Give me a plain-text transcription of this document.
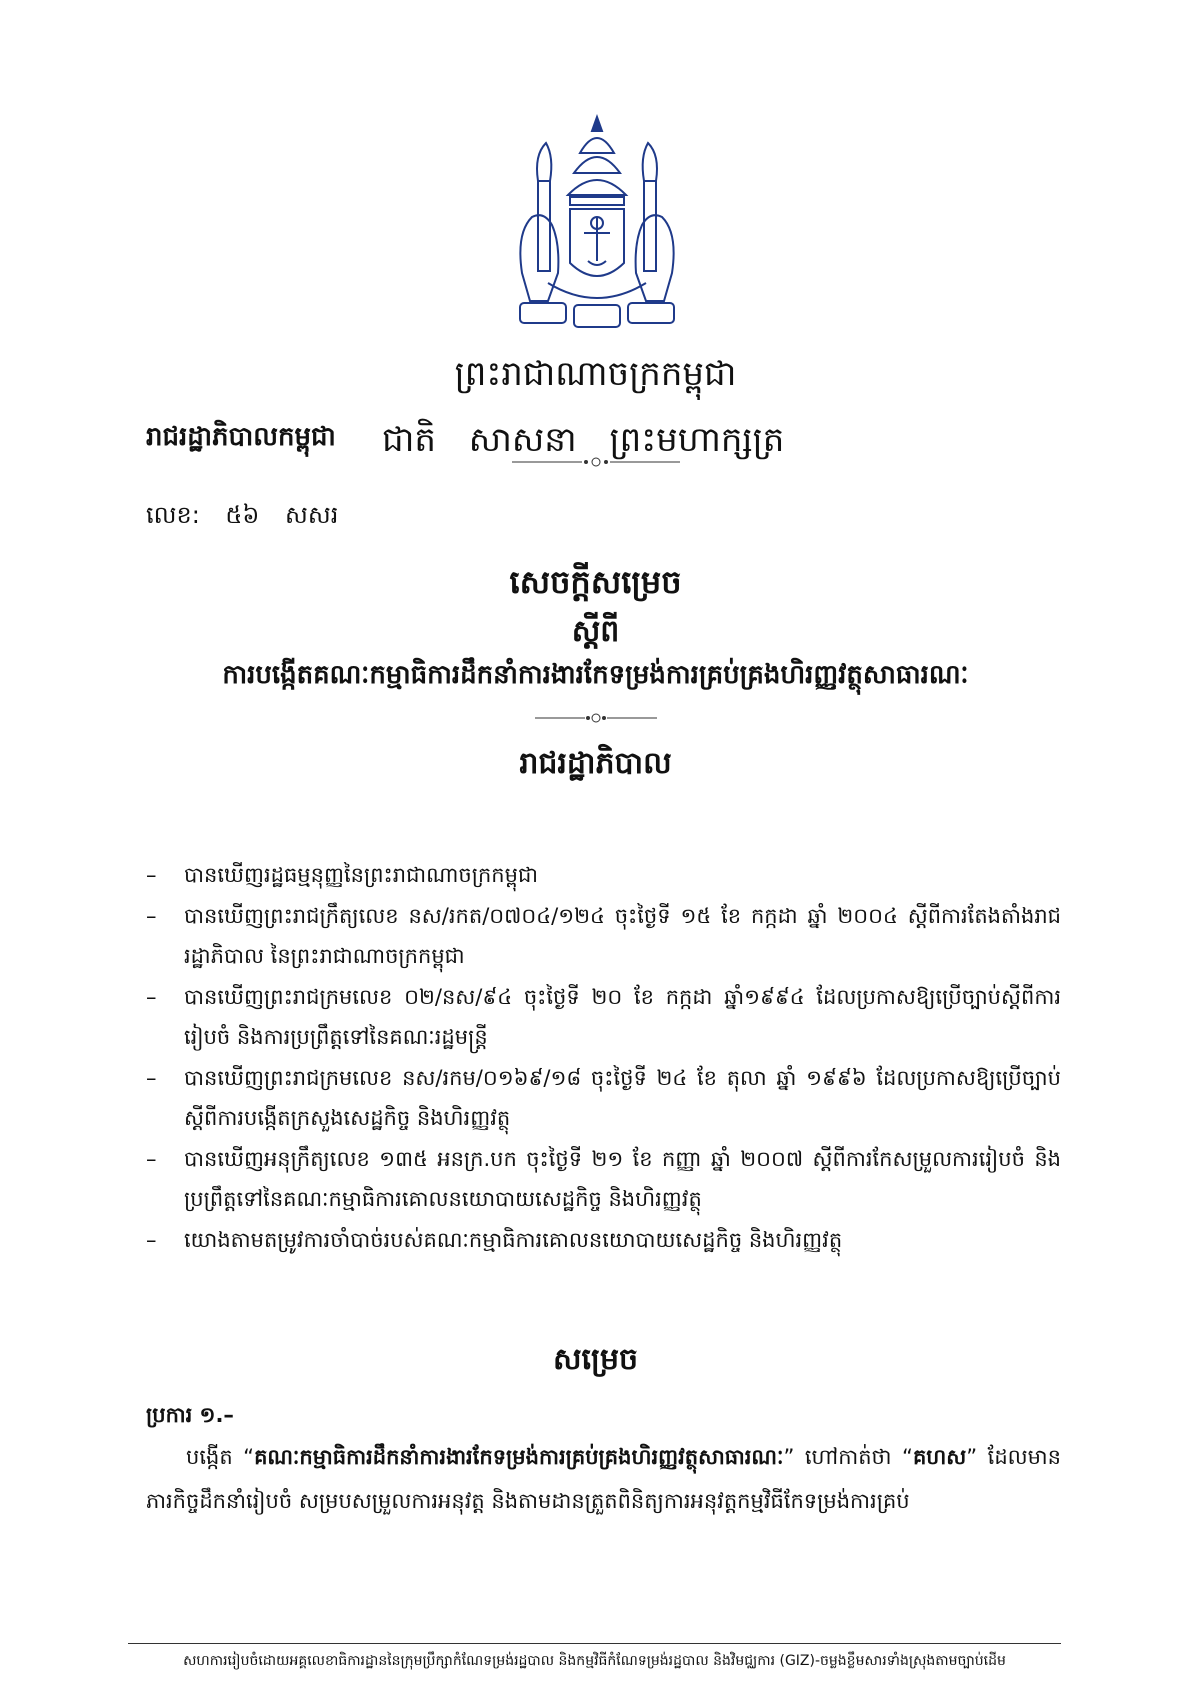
ព្រះរាជាណាចក្រកម្ពុជា
រាជរដ្ឋាភិបាលកម្ពុជា ជាតិ សាសនា ព្រះមហាក្សត្រ
លេខ: ៥៦ សសរ
សេចក្តីសម្រេច
ស្តីពី
ការបង្កើតគណៈកម្មាធិការដឹកនាំការងារកែទម្រង់ការគ្រប់គ្រងហិរញ្ញវត្ថុសាធារណៈ
រាជរដ្ឋាភិបាល
– បានឃើញរដ្ឋធម្មនុញ្ញនៃព្រះរាជាណាចក្រកម្ពុជា
– បានឃើញព្រះរាជក្រឹត្យលេខ នស/រកត/០៧០៤/១២៤ ចុះថ្ងៃទី ១៥ ខែ កក្កដា ឆ្នាំ ២០០៤ ស្តីពីការតែងតាំងរាជរដ្ឋាភិបាល នៃព្រះរាជាណាចក្រកម្ពុជា
– បានឃើញព្រះរាជក្រមលេខ ០២/នស/៩៤ ចុះថ្ងៃទី ២០ ខែ កក្កដា ឆ្នាំ១៩៩៤ ដែលប្រកាសឱ្យប្រើច្បាប់ស្តីពីការរៀបចំ និងការប្រព្រឹត្តទៅនៃគណៈរដ្ឋមន្ត្រី
– បានឃើញព្រះរាជក្រមលេខ នស/រកម/០១៦៩/១៨ ចុះថ្ងៃទី ២៤ ខែ តុលា ឆ្នាំ ១៩៩៦ ដែលប្រកាសឱ្យប្រើច្បាប់ស្តីពីការបង្កើតក្រសួងសេដ្ឋកិច្ច និងហិរញ្ញវត្ថុ
– បានឃើញអនុក្រឹត្យលេខ ១៣៥ អនក្រ.បក ចុះថ្ងៃទី ២១ ខែ កញ្ញា ឆ្នាំ ២០០៧ ស្តីពីការកែសម្រួលការរៀបចំ និងប្រព្រឹត្តទៅនៃគណៈកម្មាធិការគោលនយោបាយសេដ្ឋកិច្ច និងហិរញ្ញវត្ថុ
– យោងតាមតម្រូវការចាំបាច់របស់គណៈកម្មាធិការគោលនយោបាយសេដ្ឋកិច្ច និងហិរញ្ញវត្ថុ
សម្រេច
ប្រការ ១.–
បង្កើត “គណៈកម្មាធិការដឹកនាំការងារកែទម្រង់ការគ្រប់គ្រងហិរញ្ញវត្ថុសាធារណៈ” ហៅកាត់ថា “គហស” ដែលមានភារកិច្ចដឹកនាំរៀបចំ សម្របសម្រួលការអនុវត្ត និងតាមដានត្រួតពិនិត្យការអនុវត្តកម្មវិធីកែទម្រង់ការគ្រប់
សហការរៀបចំដោយអគ្គលេខាធិការដ្ឋាននៃក្រុមប្រឹក្សាកំណែទម្រង់រដ្ឋបាល និងកម្មវិធីកំណែទម្រង់រដ្ឋបាល និងវិមជ្ឈការ (GIZ)-ចម្លងខ្លឹមសារទាំងស្រុងតាមច្បាប់ដើម
